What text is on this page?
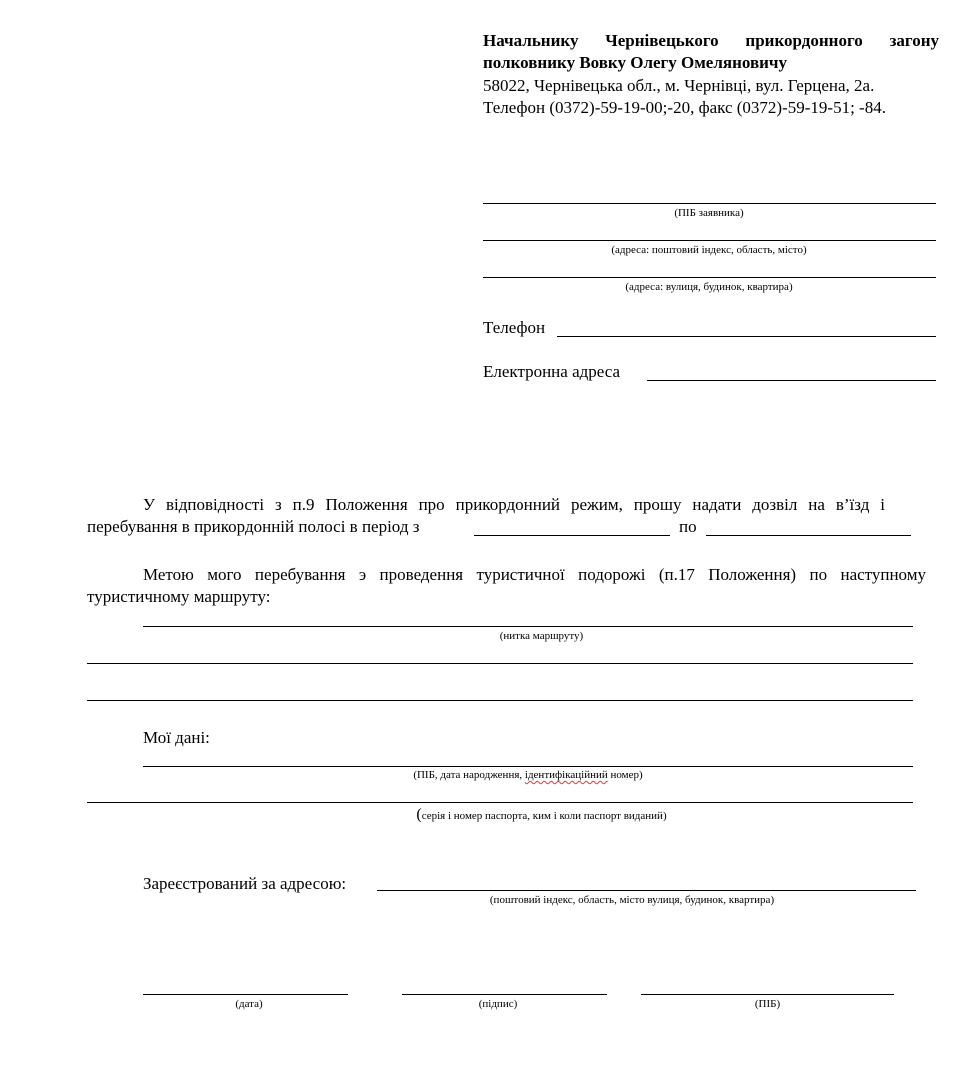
Начальнику Чернівецького прикордонного загону
полковнику Вовку Олегу Омеляновичу
58022, Чернівецька обл., м. Чернівці, вул. Герцена, 2а.
Телефон (0372)-59-19-00;-20, факс (0372)-59-19-51; -84.
(ПІБ заявника)
(адреса: поштовий індекс, область, місто)
(адреса: вулиця, будинок, квартира)
Телефон
Електронна адреса
У відповідності з п.9 Положення про прикордонний режим, прошу надати дозвіл на в’їзд і
перебування в прикордонній полосі в період з	по
Метою мого перебування э проведення туристичної подорожі (п.17 Положення) по наступному
туристичному маршруту:
(нитка маршруту)
Мої дані:
(ПІБ, дата народження, ідентифікаційний номер)
(серія і номер паспорта, ким і коли паспорт виданий)
Зареєстрований за адресою:
(поштовий індекс, область, місто вулиця, будинок, квартира)
(дата)	(підпис)	(ПІБ)
